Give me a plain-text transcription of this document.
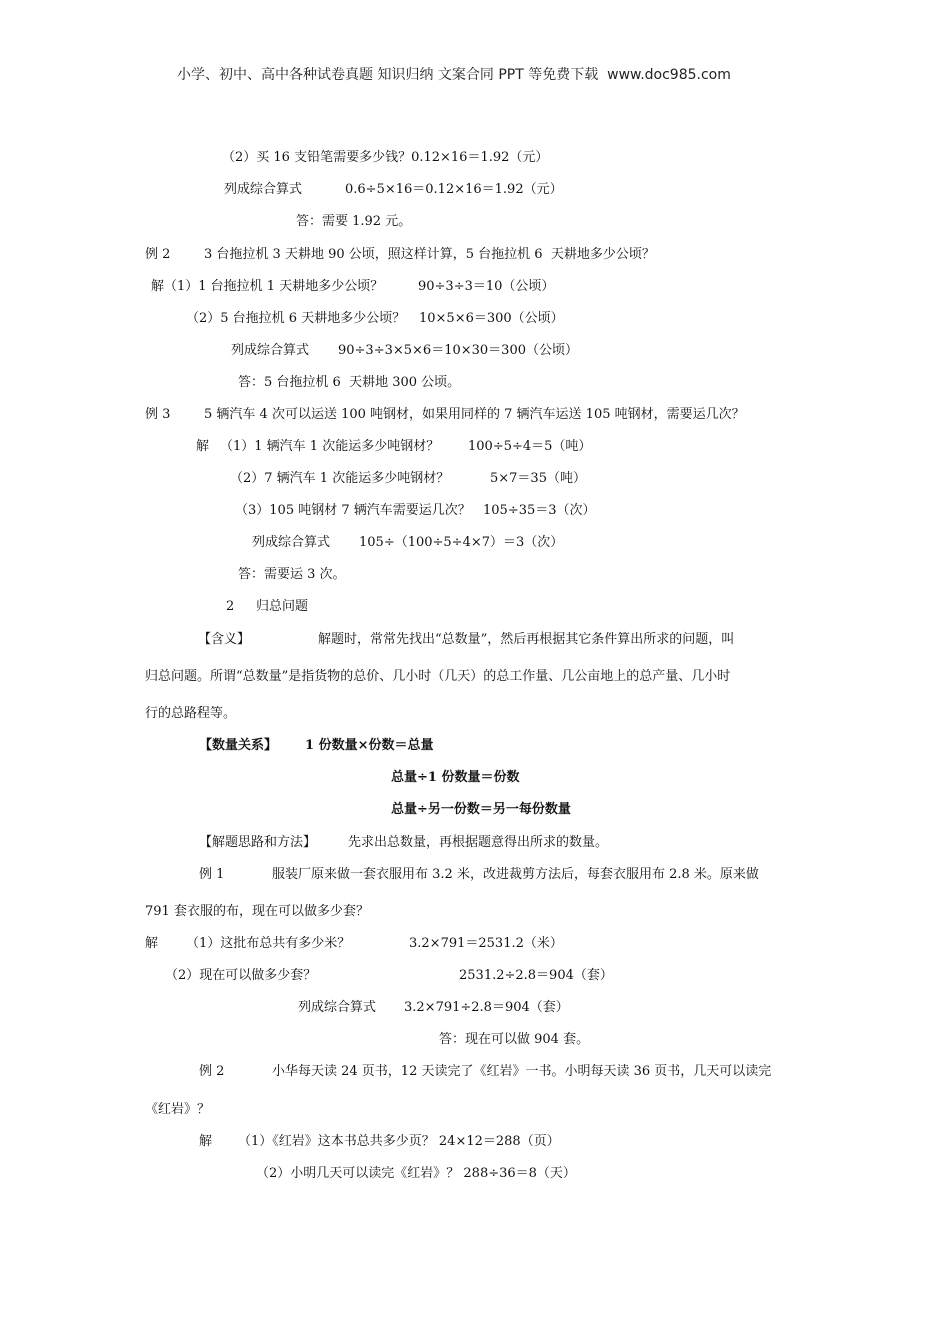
小学、初中、高中各种试卷真题 知识归纳 文案合同 PPT 等免费下载  www.doc985.com
（2）买 16 支铅笔需要多少钱？0.12×16＝1.92（元）
列成综合算式	0.6÷5×16＝0.12×16＝1.92（元）
答：需要 1.92 元。
例 2	3 台拖拉机 3 天耕地 90 公顷，照这样计算，5 台拖拉机 6  天耕地多少公顷？
解（1）1 台拖拉机 1 天耕地多少公顷？	90÷3÷3＝10（公顷）
（2）5 台拖拉机 6 天耕地多少公顷？ 10×5×6＝300（公顷）
列成综合算式 90÷3÷3×5×6＝10×30＝300（公顷）
答：5 台拖拉机 6  天耕地 300 公顷。
例 3	5 辆汽车 4 次可以运送 100 吨钢材，如果用同样的 7 辆汽车运送 105 吨钢材，需要运几次？
解 （1）1 辆汽车 1 次能运多少吨钢材？ 100÷5÷4＝5（吨）
（2）7 辆汽车 1 次能运多少吨钢材？	5×7＝35（吨）
（3）105 吨钢材 7 辆汽车需要运几次？ 105÷35＝3（次）
列成综合算式 105÷（100÷5÷4×7）＝3（次）
答：需要运 3 次。
2 归总问题
【含义】	解题时，常常先找出“总数量”，然后再根据其它条件算出所求的问题，叫
归总问题。所谓“总数量”是指货物的总价、几小时（几天）的总工作量、几公亩地上的总产量、几小时
行的总路程等。
【数量关系】 1 份数量×份数＝总量
总量÷1 份数量＝份数
总量÷另一份数＝另一每份数量
【解题思路和方法】 先求出总数量，再根据题意得出所求的数量。
例 1	服装厂原来做一套衣服用布 3.2 米，改进裁剪方法后，每套衣服用布 2.8 米。原来做
791 套衣服的布，现在可以做多少套？
解 （1）这批布总共有多少米？	3.2×791＝2531.2（米）
（2）现在可以做多少套？	2531.2÷2.8＝904（套）
列成综合算式 3.2×791÷2.8＝904（套）
答：现在可以做 904 套。
例 2	小华每天读 24 页书，12 天读完了《红岩》一书。小明每天读 36 页书，几天可以读完
《红岩》？
解 （1）《红岩》这本书总共多少页？ 24×12＝288（页）
（2）小明几天可以读完《红岩》？ 288÷36＝8（天）
